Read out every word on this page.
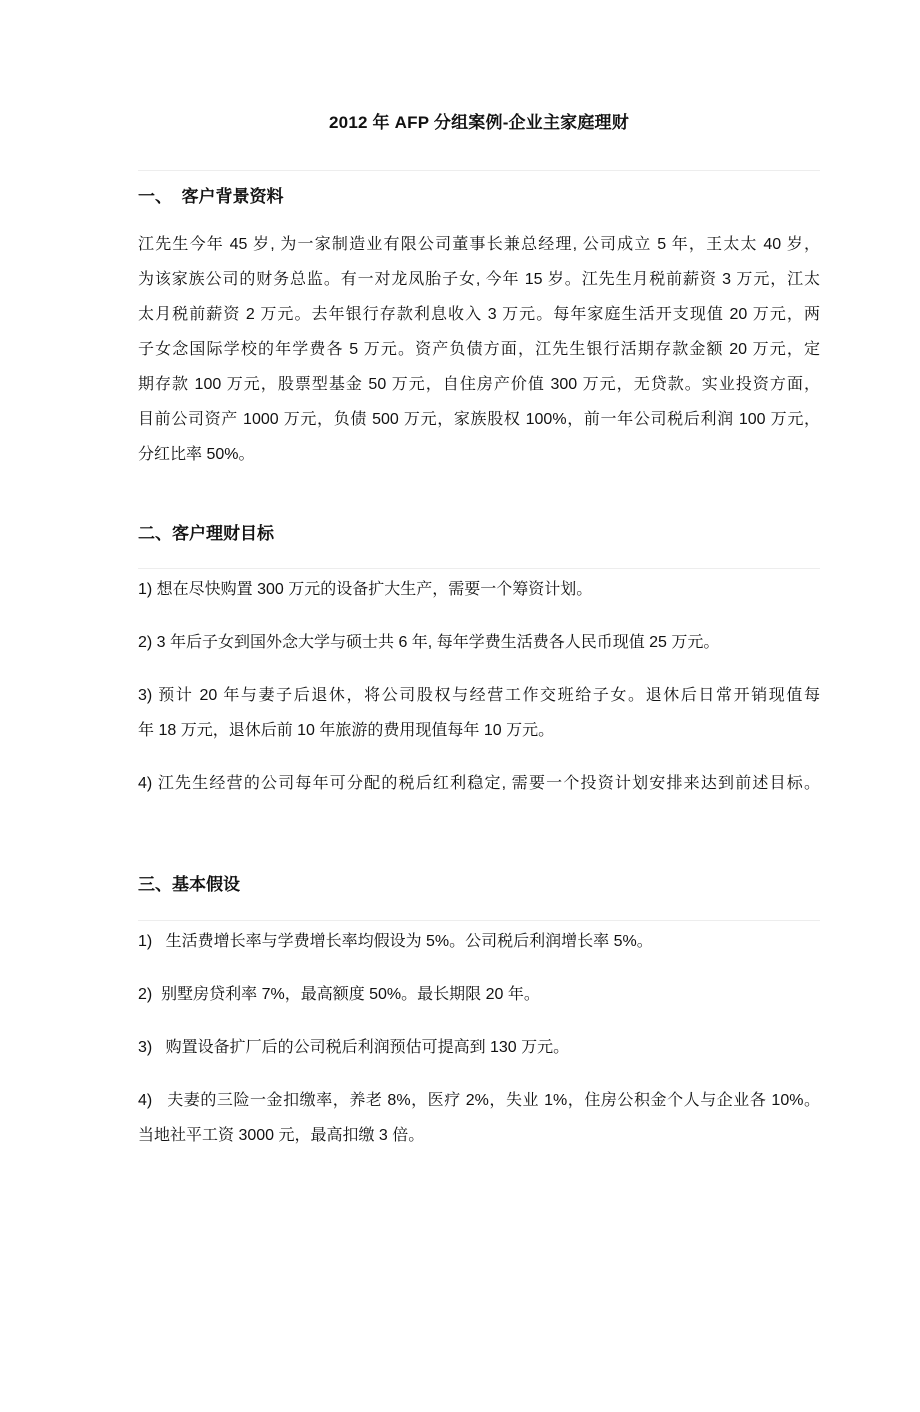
2012 年 AFP 分组案例-企业主家庭理财
一、  客户背景资料
江先生今年 45 岁, 为一家制造业有限公司董事长兼总经理, 公司成立 5 年，王太太 40 岁，
为该家族公司的财务总监。有一对龙凤胎子女, 今年 15 岁。江先生月税前薪资 3 万元，江太
太月税前薪资 2 万元。去年银行存款利息收入 3 万元。每年家庭生活开支现值 20 万元，两
子女念国际学校的年学费各 5 万元。资产负债方面，江先生银行活期存款金额 20 万元，定
期存款 100 万元，股票型基金 50 万元，自住房产价值 300 万元，无贷款。实业投资方面，
目前公司资产 1000 万元，负债 500 万元，家族股权 100%，前一年公司税后利润 100 万元，
分红比率 50%。
二、客户理财目标
1) 想在尽快购置 300 万元的设备扩大生产，需要一个筹资计划。
2) 3 年后子女到国外念大学与硕士共 6 年, 每年学费生活费各人民币现值 25 万元。
3) 预计 20 年与妻子后退休，将公司股权与经营工作交班给子女。退休后日常开销现值每
年 18 万元，退休后前 10 年旅游的费用现值每年 10 万元。
4) 江先生经营的公司每年可分配的税后红利稳定, 需要一个投资计划安排来达到前述目标。
三、基本假设
1)   生活费增长率与学费增长率均假设为 5%。公司税后利润增长率 5%。
2)  别墅房贷利率 7%，最高额度 50%。最长期限 20 年。
3)   购置设备扩厂后的公司税后利润预估可提高到 130 万元。
4)   夫妻的三险一金扣缴率，养老 8%，医疗 2%，失业 1%，住房公积金个人与企业各 10%。
当地社平工资 3000 元，最高扣缴 3 倍。
